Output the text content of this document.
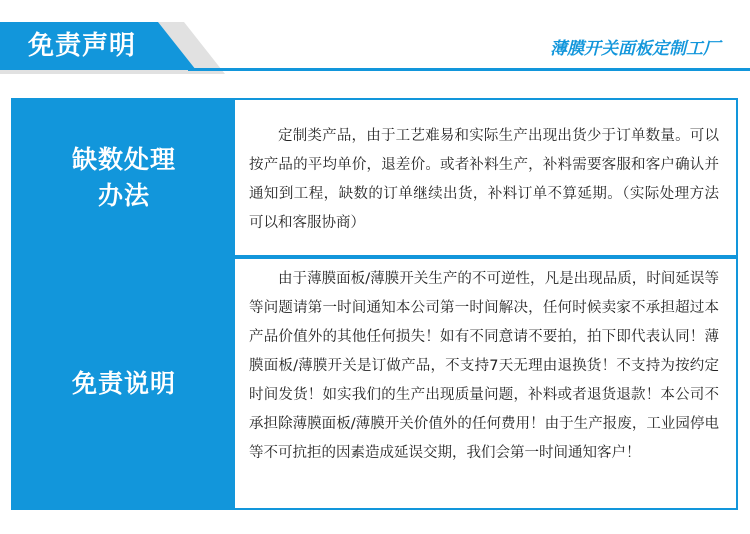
免责声明	薄膜开关面板定制工厂
缺数处理
办法
定制类产品，由于工艺难易和实际生产出现出货少于订单数量。可以按产品的平均单价，退差价。或者补料生产，补料需要客服和客户确认并通知到工程，缺数的订单继续出货，补料订单不算延期。（实际处理方法可以和客服协商）
免责说明
由于薄膜面板/薄膜开关生产的不可逆性，凡是出现品质，时间延误等等问题请第一时间通知本公司第一时间解决，任何时候卖家不承担超过本产品价值外的其他任何损失！如有不同意请不要拍，拍下即代表认同！薄膜面板/薄膜开关是订做产品，不支持7天无理由退换货！不支持为按约定时间发货！如实我们的生产出现质量问题，补料或者退货退款！本公司不承担除薄膜面板/薄膜开关价值外的任何费用！由于生产报废，工业园停电等不可抗拒的因素造成延误交期，我们会第一时间通知客户！
